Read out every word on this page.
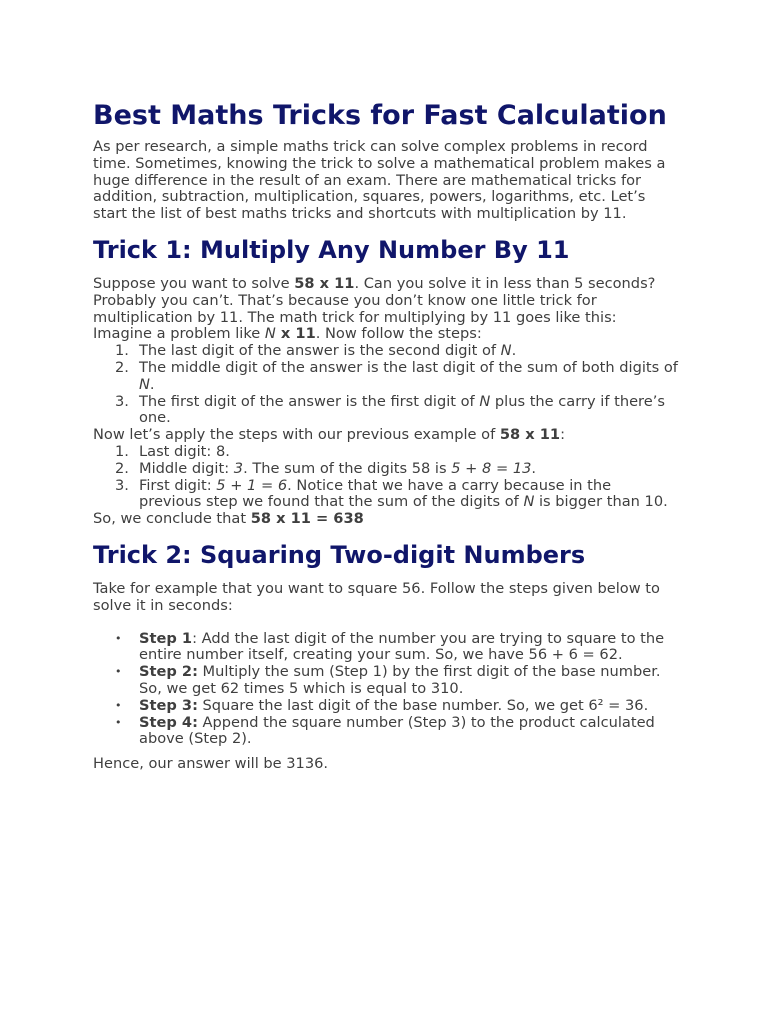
Best Maths Tricks for Fast Calculation

As per research, a simple maths trick can solve complex problems in record time. Sometimes, knowing the trick to solve a mathematical problem makes a huge difference in the result of an exam. There are mathematical tricks for addition, subtraction, multiplication, squares, powers, logarithms, etc. Let’s start the list of best maths tricks and shortcuts with multiplication by 11.

Trick 1: Multiply Any Number By 11

Suppose you want to solve 58 x 11. Can you solve it in less than 5 seconds? Probably you can’t. That’s because you don’t know one little trick for multiplication by 11. The math trick for multiplying by 11 goes like this:

Imagine a problem like N x 11. Now follow the steps:

1. The last digit of the answer is the second digit of N.
2. The middle digit of the answer is the last digit of the sum of both digits of N.
3. The first digit of the answer is the first digit of N plus the carry if there’s one.

Now let’s apply the steps with our previous example of 58 x 11:

1. Last digit: 8.
2. Middle digit: 3. The sum of the digits 58 is 5 + 8 = 13.
3. First digit: 5 + 1 = 6. Notice that we have a carry because in the previous step we found that the sum of the digits of N is bigger than 10.

So, we conclude that 58 x 11 = 638

Trick 2: Squaring Two-digit Numbers

Take for example that you want to square 56. Follow the steps given below to solve it in seconds:

• Step 1: Add the last digit of the number you are trying to square to the entire number itself, creating your sum. So, we have 56 + 6 = 62.
• Step 2: Multiply the sum (Step 1) by the first digit of the base number. So, we get 62 times 5 which is equal to 310.
• Step 3: Square the last digit of the base number. So, we get 6² = 36.
• Step 4: Append the square number (Step 3) to the product calculated above (Step 2).

Hence, our answer will be 3136.
